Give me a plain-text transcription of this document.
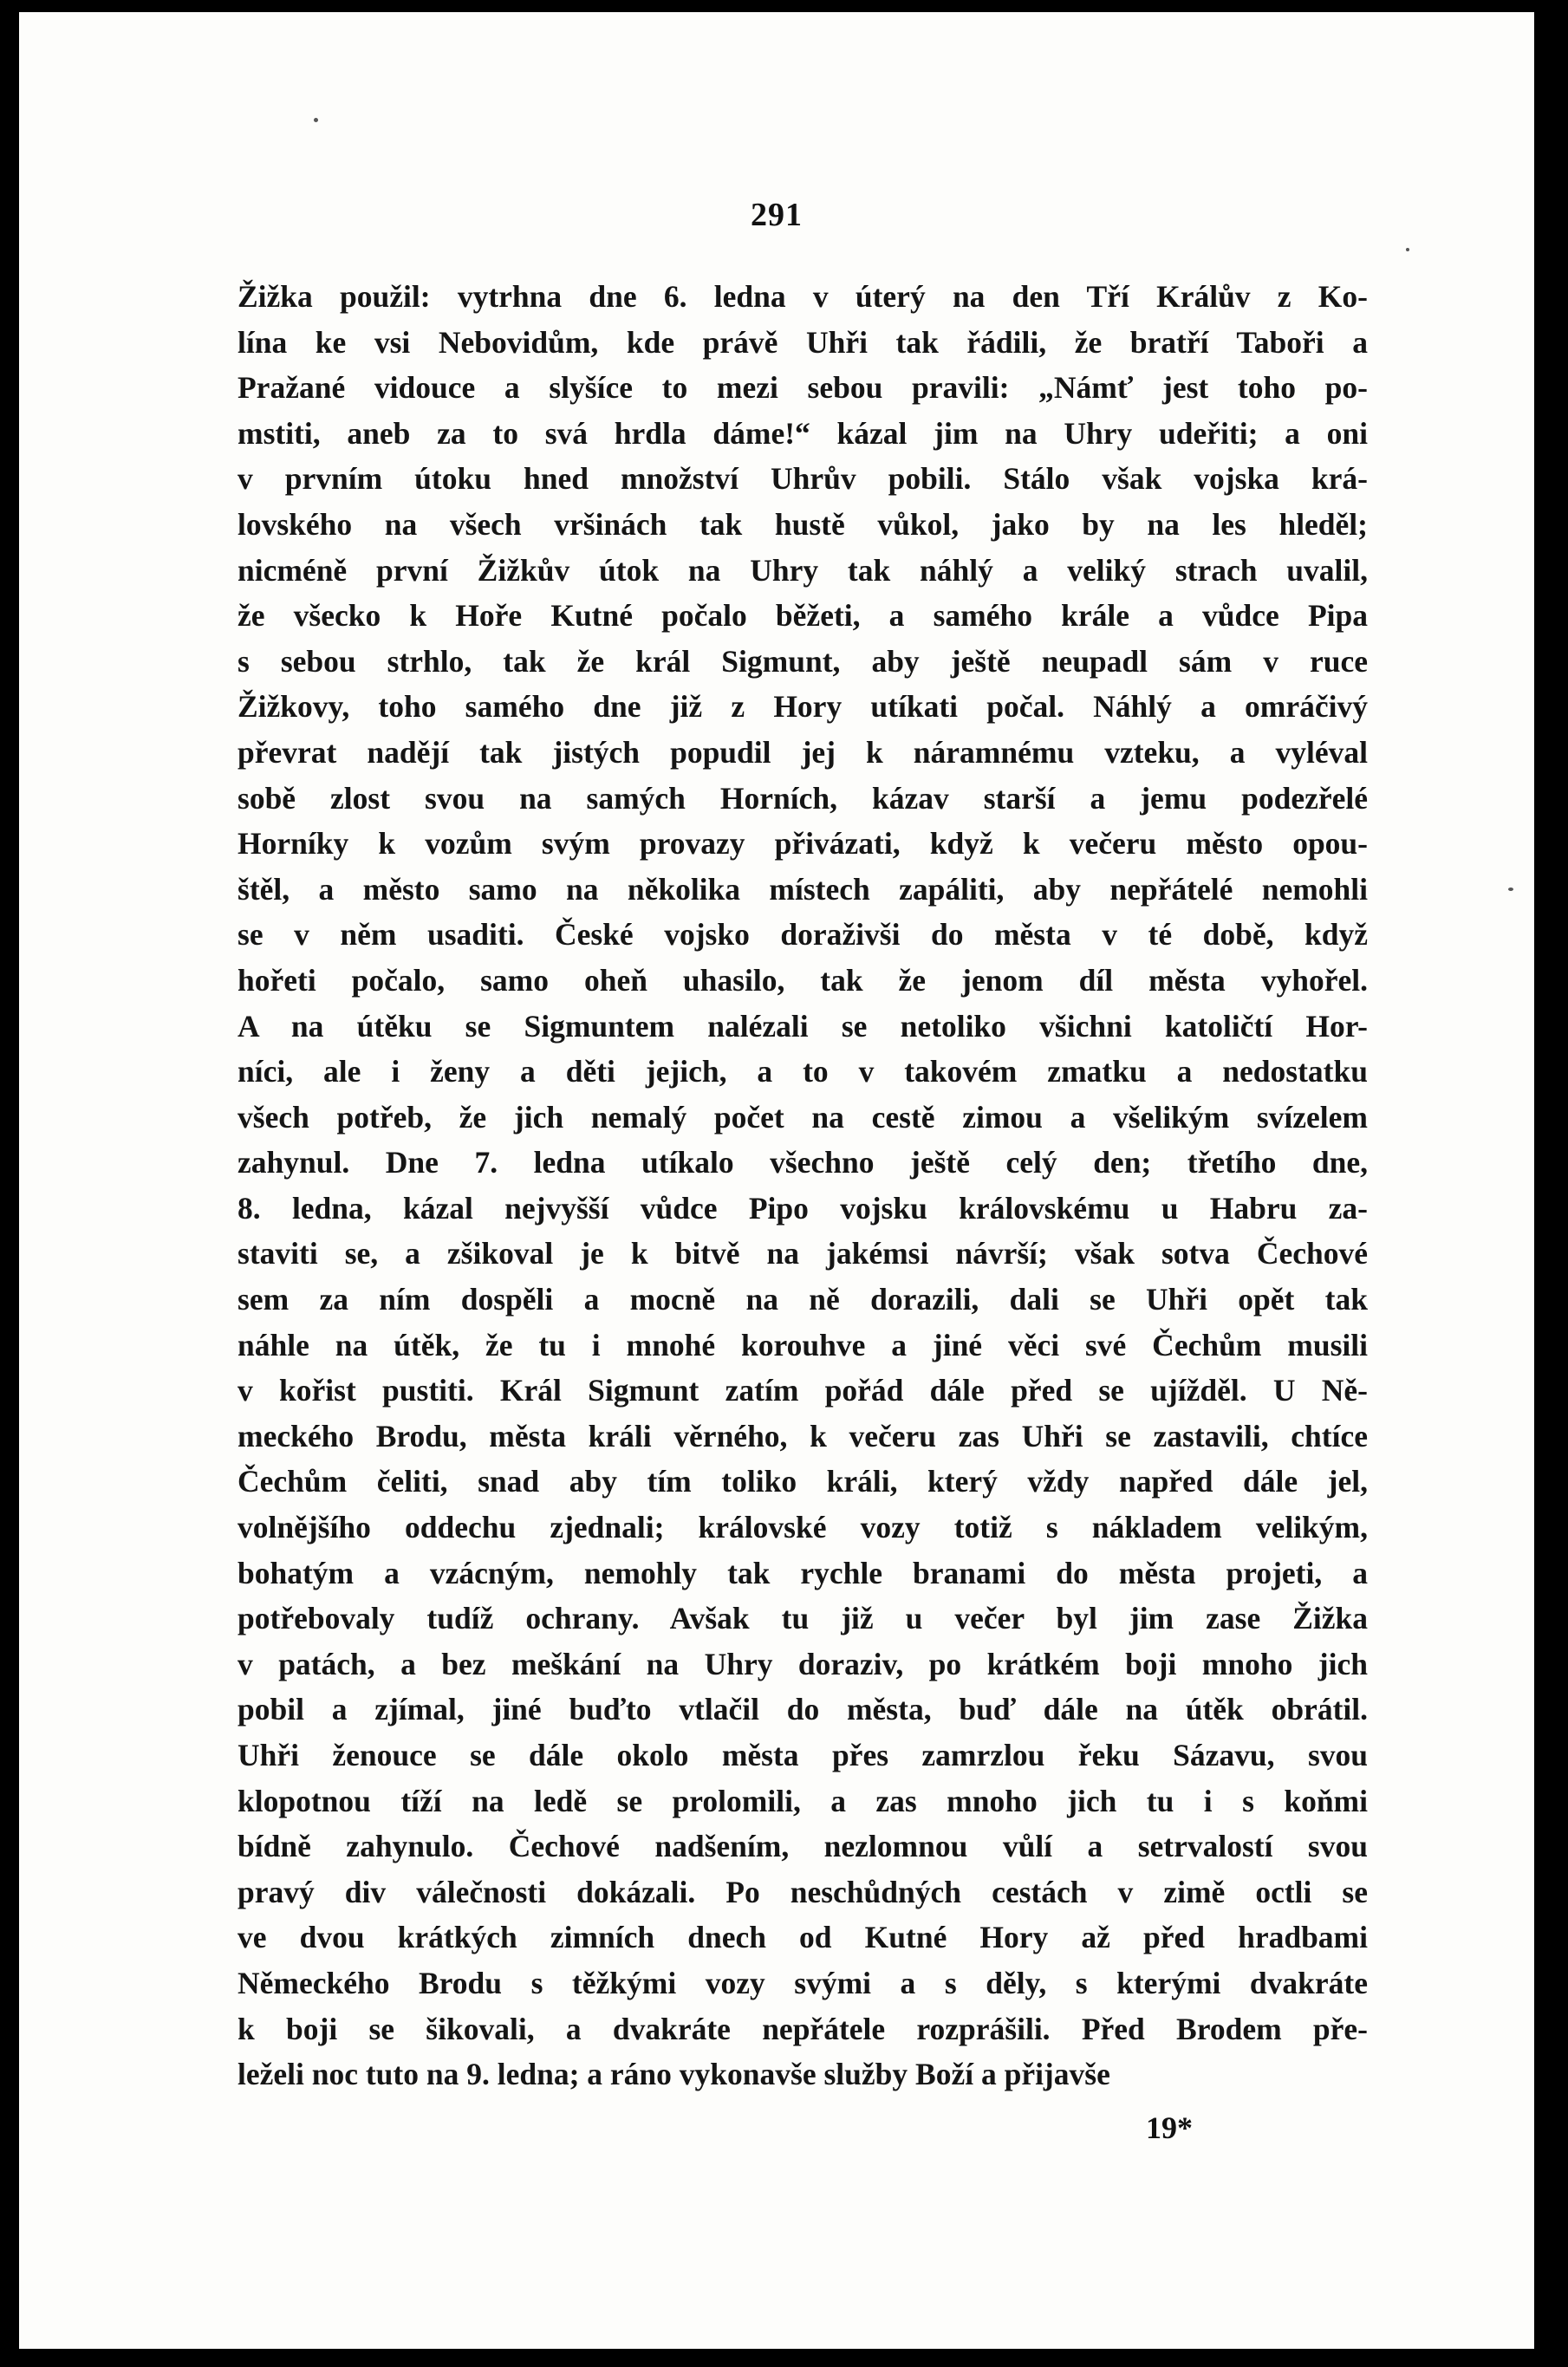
291
Žižka použil: vytrhna dne 6. ledna v úterý na den Tří Králův z Ko-
lína ke vsi Nebovidům, kde právě Uhři tak řádili, že bratří Taboři a
Pražané vidouce a slyšíce to mezi sebou pravili: „Námť jest toho po-
mstiti, aneb za to svá hrdla dáme!“ kázal jim na Uhry udeřiti; a oni
v prvním útoku hned množství Uhrův pobili. Stálo však vojska krá-
lovského na všech vršinách tak hustě vůkol, jako by na les hleděl;
nicméně první Žižkův útok na Uhry tak náhlý a veliký strach uvalil,
že všecko k Hoře Kutné počalo běžeti, a samého krále a vůdce Pipa
s sebou strhlo, tak že král Sigmunt, aby ještě neupadl sám v ruce
Žižkovy, toho samého dne již z Hory utíkati počal. Náhlý a omráčivý
převrat nadějí tak jistých popudil jej k náramnému vzteku, a vyléval
sobě zlost svou na samých Horních, kázav starší a jemu podezřelé
Horníky k vozům svým provazy přivázati, když k večeru město opou-
štěl, a město samo na několika místech zapáliti, aby nepřátelé nemohli
se v něm usaditi. České vojsko doraživši do města v té době, když
hořeti počalo, samo oheň uhasilo, tak že jenom díl města vyhořel.
A na útěku se Sigmuntem nalézali se netoliko všichni katoličtí Hor-
níci, ale i ženy a děti jejich, a to v takovém zmatku a nedostatku
všech potřeb, že jich nemalý počet na cestě zimou a všelikým svízelem
zahynul. Dne 7. ledna utíkalo všechno ještě celý den; třetího dne,
8. ledna, kázal nejvyšší vůdce Pipo vojsku královskému u Habru za-
staviti se, a zšikoval je k bitvě na jakémsi návrší; však sotva Čechové
sem za ním dospěli a mocně na ně dorazili, dali se Uhři opět tak
náhle na útěk, že tu i mnohé korouhve a jiné věci své Čechům musili
v kořist pustiti. Král Sigmunt zatím pořád dále před se ujížděl. U Ně-
meckého Brodu, města králi věrného, k večeru zas Uhři se zastavili, chtíce
Čechům čeliti, snad aby tím toliko králi, který vždy napřed dále jel,
volnějšího oddechu zjednali; královské vozy totiž s nákladem velikým,
bohatým a vzácným, nemohly tak rychle branami do města projeti, a
potřebovaly tudíž ochrany. Avšak tu již u večer byl jim zase Žižka
v patách, a bez meškání na Uhry doraziv, po krátkém boji mnoho jich
pobil a zjímal, jiné buďto vtlačil do města, buď dále na útěk obrátil.
Uhři ženouce se dále okolo města přes zamrzlou řeku Sázavu, svou
klopotnou tíží na ledě se prolomili, a zas mnoho jich tu i s koňmi
bídně zahynulo. Čechové nadšením, nezlomnou vůlí a setrvalostí svou
pravý div válečnosti dokázali. Po neschůdných cestách v zimě octli se
ve dvou krátkých zimních dnech od Kutné Hory až před hradbami
Německého Brodu s těžkými vozy svými a s děly, s kterými dvakráte
k boji se šikovali, a dvakráte nepřátele rozprášili. Před Brodem pře-
leželi noc tuto na 9. ledna; a ráno vykonavše služby Boží a přijavše
19*
